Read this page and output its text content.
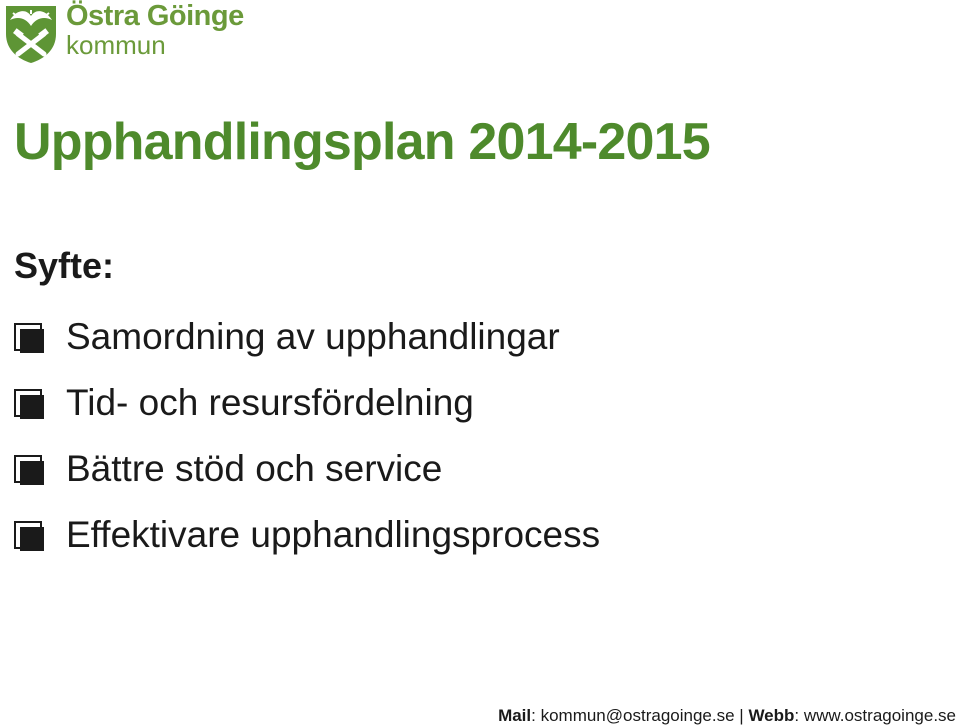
Östra Göinge
kommun
Upphandlingsplan 2014-2015
Syfte:
Samordning av upphandlingar
Tid- och resursfördelning
Bättre stöd och service
Effektivare upphandlingsprocess
Mail: kommun@ostragoinge.se | Webb: www.ostragoinge.se
